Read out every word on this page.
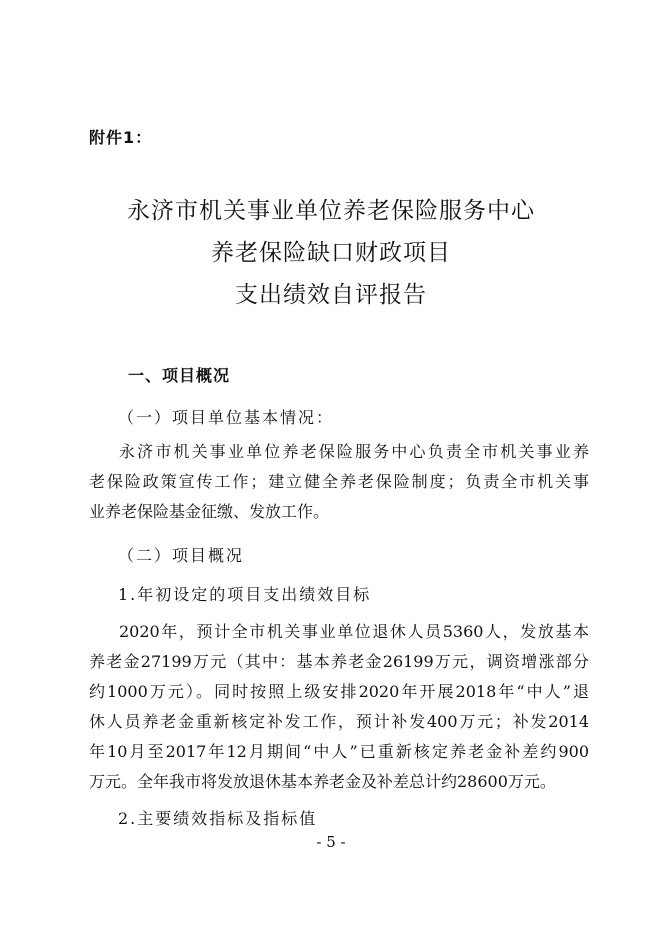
附件1：
永济市机关事业单位养老保险服务中心
养老保险缺口财政项目
支出绩效自评报告
一、项目概况
（一）项目单位基本情况：
永济市机关事业单位养老保险服务中心负责全市机关事业养
老保险政策宣传工作；建立健全养老保险制度；负责全市机关事
业养老保险基金征缴、发放工作。
（二）项目概况
1.年初设定的项目支出绩效目标
2020年，预计全市机关事业单位退休人员5360人，发放基本
养老金27199万元（其中：基本养老金26199万元，调资增涨部分
约1000万元）。同时按照上级安排2020年开展2018年“中人”退
休人员养老金重新核定补发工作，预计补发400万元；补发2014
年10月至2017年12月期间“中人”已重新核定养老金补差约900
万元。全年我市将发放退休基本养老金及补差总计约28600万元。
2.主要绩效指标及指标值
- 5 -
